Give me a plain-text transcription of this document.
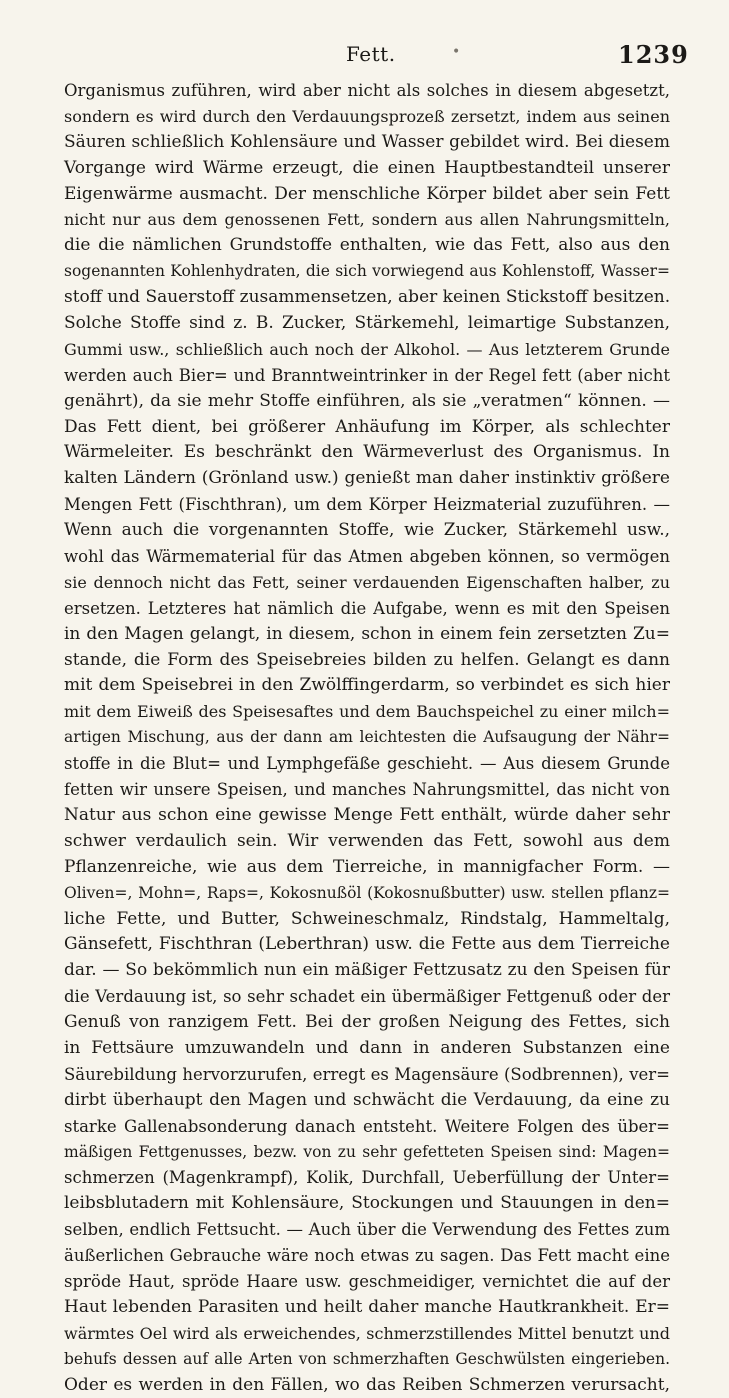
Fett.	•	1239
Organismus zuführen, wird aber nicht als solches in diesem abgesetzt,
sondern es wird durch den Verdauungsprozeß zersetzt, indem aus seinen
Säuren schließlich Kohlensäure und Wasser gebildet wird. Bei diesem
Vorgange wird Wärme erzeugt, die einen Hauptbestandteil unserer
Eigenwärme ausmacht. Der menschliche Körper bildet aber sein Fett
nicht nur aus dem genossenen Fett, sondern aus allen Nahrungsmitteln,
die die nämlichen Grundstoffe enthalten, wie das Fett, also aus den
sogenannten Kohlenhydraten, die sich vorwiegend aus Kohlenstoff, Wasser=
stoff und Sauerstoff zusammensetzen, aber keinen Stickstoff besitzen.
Solche Stoffe sind z. B. Zucker, Stärkemehl, leimartige Substanzen,
Gummi usw., schließlich auch noch der Alkohol. — Aus letzterem Grunde
werden auch Bier= und Branntweintrinker in der Regel fett (aber nicht
genährt), da sie mehr Stoffe einführen, als sie „veratmen“ können. —
Das Fett dient, bei größerer Anhäufung im Körper, als schlechter
Wärmeleiter. Es beschränkt den Wärmeverlust des Organismus. In
kalten Ländern (Grönland usw.) genießt man daher instinktiv größere
Mengen Fett (Fischthran), um dem Körper Heizmaterial zuzuführen. —
Wenn auch die vorgenannten Stoffe, wie Zucker, Stärkemehl usw.,
wohl das Wärmematerial für das Atmen abgeben können, so vermögen
sie dennoch nicht das Fett, seiner verdauenden Eigenschaften halber, zu
ersetzen. Letzteres hat nämlich die Aufgabe, wenn es mit den Speisen
in den Magen gelangt, in diesem, schon in einem fein zersetzten Zu=
stande, die Form des Speisebreies bilden zu helfen. Gelangt es dann
mit dem Speisebrei in den Zwölffingerdarm, so verbindet es sich hier
mit dem Eiweiß des Speisesaftes und dem Bauchspeichel zu einer milch=
artigen Mischung, aus der dann am leichtesten die Aufsaugung der Nähr=
stoffe in die Blut= und Lymphgefäße geschieht. — Aus diesem Grunde
fetten wir unsere Speisen, und manches Nahrungsmittel, das nicht von
Natur aus schon eine gewisse Menge Fett enthält, würde daher sehr
schwer verdaulich sein. Wir verwenden das Fett, sowohl aus dem
Pflanzenreiche, wie aus dem Tierreiche, in mannigfacher Form. —
Oliven=, Mohn=, Raps=, Kokosnußöl (Kokosnußbutter) usw. stellen pflanz=
liche Fette, und Butter, Schweineschmalz, Rindstalg, Hammeltalg,
Gänsefett, Fischthran (Leberthran) usw. die Fette aus dem Tierreiche
dar. — So bekömmlich nun ein mäßiger Fettzusatz zu den Speisen für
die Verdauung ist, so sehr schadet ein übermäßiger Fettgenuß oder der
Genuß von ranzigem Fett. Bei der großen Neigung des Fettes, sich
in Fettsäure umzuwandeln und dann in anderen Substanzen eine
Säurebildung hervorzurufen, erregt es Magensäure (Sodbrennen), ver=
dirbt überhaupt den Magen und schwächt die Verdauung, da eine zu
starke Gallenabsonderung danach entsteht. Weitere Folgen des über=
mäßigen Fettgenusses, bezw. von zu sehr gefetteten Speisen sind: Magen=
schmerzen (Magenkrampf), Kolik, Durchfall, Ueberfüllung der Unter=
leibsblutadern mit Kohlensäure, Stockungen und Stauungen in den=
selben, endlich Fettsucht. — Auch über die Verwendung des Fettes zum
äußerlichen Gebrauche wäre noch etwas zu sagen. Das Fett macht eine
spröde Haut, spröde Haare usw. geschmeidiger, vernichtet die auf der
Haut lebenden Parasiten und heilt daher manche Hautkrankheit. Er=
wärmtes Oel wird als erweichendes, schmerzstillendes Mittel benutzt und
behufs dessen auf alle Arten von schmerzhaften Geschwülsten eingerieben.
Oder es werden in den Fällen, wo das Reiben Schmerzen verursacht,
